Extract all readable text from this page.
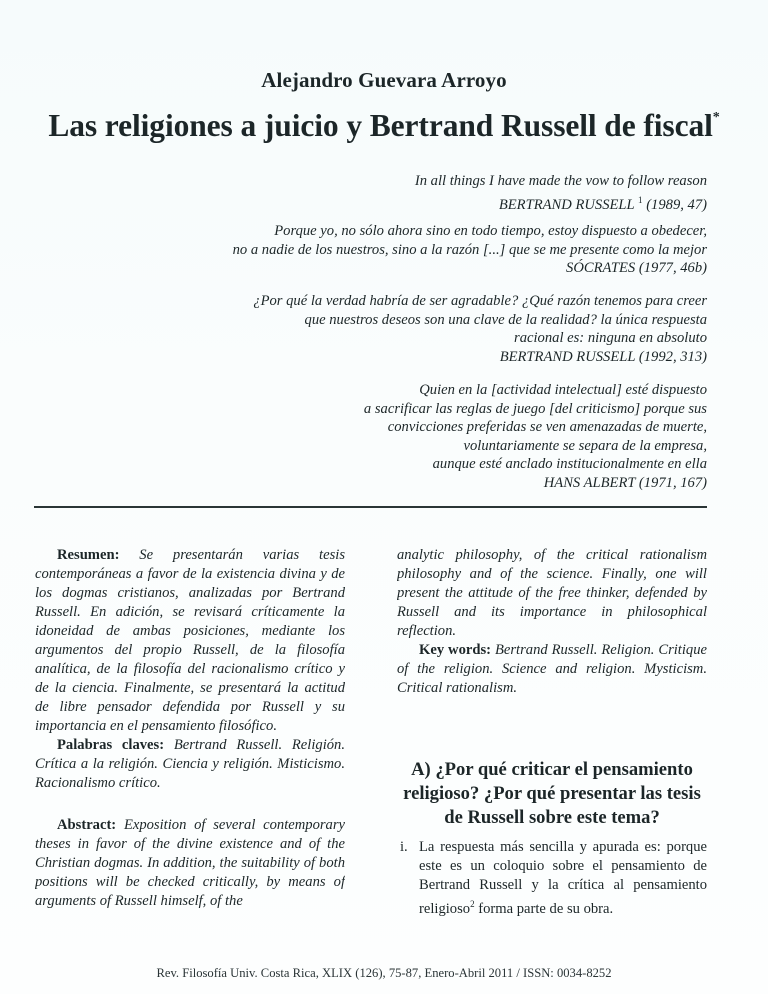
Alejandro Guevara Arroyo
Las religiones a juicio y Bertrand Russell de fiscal*
In all things I have made the vow to follow reason
BERTRAND RUSSELL $^1$ (1989, 47)
Porque yo, no sólo ahora sino en todo tiempo, estoy dispuesto a obedecer,
no a nadie de los nuestros, sino a la razón [...] que se me presente como la mejor
SÓCRATES (1977, 46b)
¿Por qué la verdad habría de ser agradable? ¿Qué razón tenemos para creer
que nuestros deseos son una clave de la realidad? la única respuesta
racional es: ninguna en absoluto
BERTRAND RUSSELL (1992, 313)
Quien en la [actividad intelectual] esté dispuesto
a sacrificar las reglas de juego [del criticismo] porque sus
convicciones preferidas se ven amenazadas de muerte,
voluntariamente se separa de la empresa,
aunque esté anclado institucionalmente en ella
HANS ALBERT (1971, 167)

Resumen: Se presentarán varias tesis contemporáneas a favor de la existencia divina y de los dogmas cristianos, analizadas por Bertrand Russell. En adición, se revisará críticamente la idoneidad de ambas posiciones, mediante los argumentos del propio Russell, de la filosofía analítica, de la filosofía del racionalismo crítico y de la ciencia. Finalmente, se presentará la actitud de libre pensador defendida por Russell y su importancia en el pensamiento filosófico.

Palabras claves: Bertrand Russell. Religión. Crítica a la religión. Ciencia y religión. Misticismo. Racionalismo crítico.

Abstract: Exposition of several contemporary theses in favor of the divine existence and of the Christian dogmas. In addition, the suitability of both positions will be checked critically, by means of arguments of Russell himself, of the

Key words: Bertrand Russell. Religion. Critique of the religion. Science and religion. Mysticism. Critical rationalism.

A) ¿Por qué criticar el pensamiento religioso? ¿Por qué presentar las tesis de Russell sobre este tema?
i. La respuesta más sencilla y apurada es: porque este es un coloquio sobre el pensamiento de Bertrand Russell y la crítica al pensamiento religioso$^2$ forma parte de su obra.
Rev. Filosofía Univ. Costa Rica, XLIX (126), 75-87, Enero-Abril 2011 / ISSN: 0034-8252

analytic philosophy, of the critical rationalism philosophy and of the science. Finally, one will present the attitude of the free thinker, defended by Russell and its importance in philosophical reflection.
